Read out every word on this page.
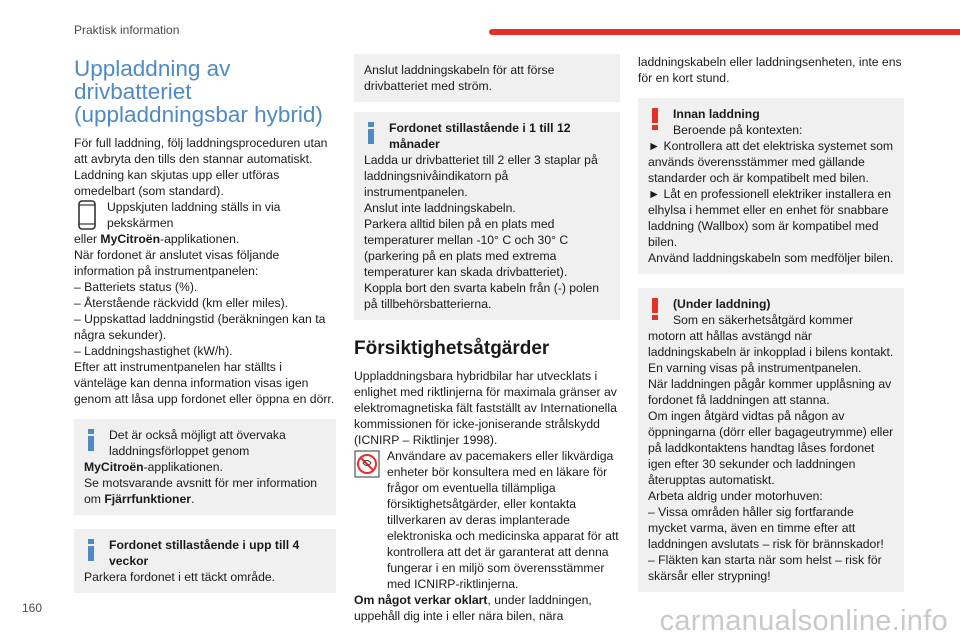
Praktisk information
Uppladdning av drivbatteriet (uppladdningsbar hybrid)

För full laddning, följ laddningsproceduren utan att avbryta den tills den stannar automatiskt.

Laddning kan skjutas upp eller utföras omedelbart (som standard).

Uppskjuten laddning ställs in via pekskärmen

eller MyCitroën-applikationen.

När fordonet är anslutet visas följande information på instrumentpanelen:

– Batteriets status (%).

– Återstående räckvidd (km eller miles).

– Uppskattad laddningstid (beräkningen kan ta några sekunder).

– Laddningshastighet (kW/h).

Efter att instrumentpanelen har ställts i vänteläge kan denna information visas igen genom att låsa upp fordonet eller öppna en dörr.

Det är också möjligt att övervaka laddningsförloppet genom

MyCitroën-applikationen.

Se motsvarande avsnitt för mer information om Fjärrfunktioner.

Fordonet stillastående i upp till 4 veckor

Parkera fordonet i ett täckt område.

Anslut laddningskabeln för att förse drivbatteriet med ström.

Fordonet stillastående i 1 till 12 månader

Ladda ur drivbatteriet till 2 eller 3 staplar på laddningsnivåindikatorn på instrumentpanelen.

Anslut inte laddningskabeln.

Parkera alltid bilen på en plats med temperaturer mellan -10° C och 30° C (parkering på en plats med extrema temperaturer kan skada drivbatteriet).

Koppla bort den svarta kabeln från (-) polen på tillbehörsbatterierna.

Försiktighetsåtgärder

Uppladdningsbara hybridbilar har utvecklats i enlighet med riktlinjerna för maximala gränser av elektromagnetiska fält fastställt av Internationella kommissionen för icke-joniserande strålskydd (ICNIRP – Riktlinjer 1998).

Användare av pacemakers eller likvärdiga enheter bör konsultera med en läkare för frågor om eventuella tillämpliga försiktighetsåtgärder, eller kontakta tillverkaren av deras implanterade elektroniska och medicinska apparat för att kontrollera att det är garanterat att denna fungerar i en miljö som överensstämmer med ICNIRP-riktlinjerna.

Om något verkar oklart, under laddningen, uppehåll dig inte i eller nära bilen, nära

laddningskabeln eller laddningsenheten, inte ens för en kort stund.

Innan laddning

Beroende på kontexten:

► Kontrollera att det elektriska systemet som används överensstämmer med gällande standarder och är kompatibelt med bilen.

► Låt en professionell elektriker installera en elhylsa i hemmet eller en enhet för snabbare laddning (Wallbox) som är kompatibel med bilen.

Använd laddningskabeln som medföljer bilen.

(Under laddning)

Som en säkerhetsåtgärd kommer motorn att hållas avstängd när laddningskabeln är inkopplad i bilens kontakt. En varning visas på instrumentpanelen.

När laddningen pågår kommer upplåsning av fordonet få laddningen att stanna.

Om ingen åtgärd vidtas på någon av öppningarna (dörr eller bagageutrymme) eller på laddkontaktens handtag låses fordonet igen efter 30 sekunder och laddningen återupptas automatiskt.

Arbeta aldrig under motorhuven:

– Vissa områden håller sig fortfarande mycket varma, även en timme efter att laddningen avslutats – risk för brännskador!

– Fläkten kan starta när som helst – risk för skärsår eller strypning!

160	carmanualsonline.info
